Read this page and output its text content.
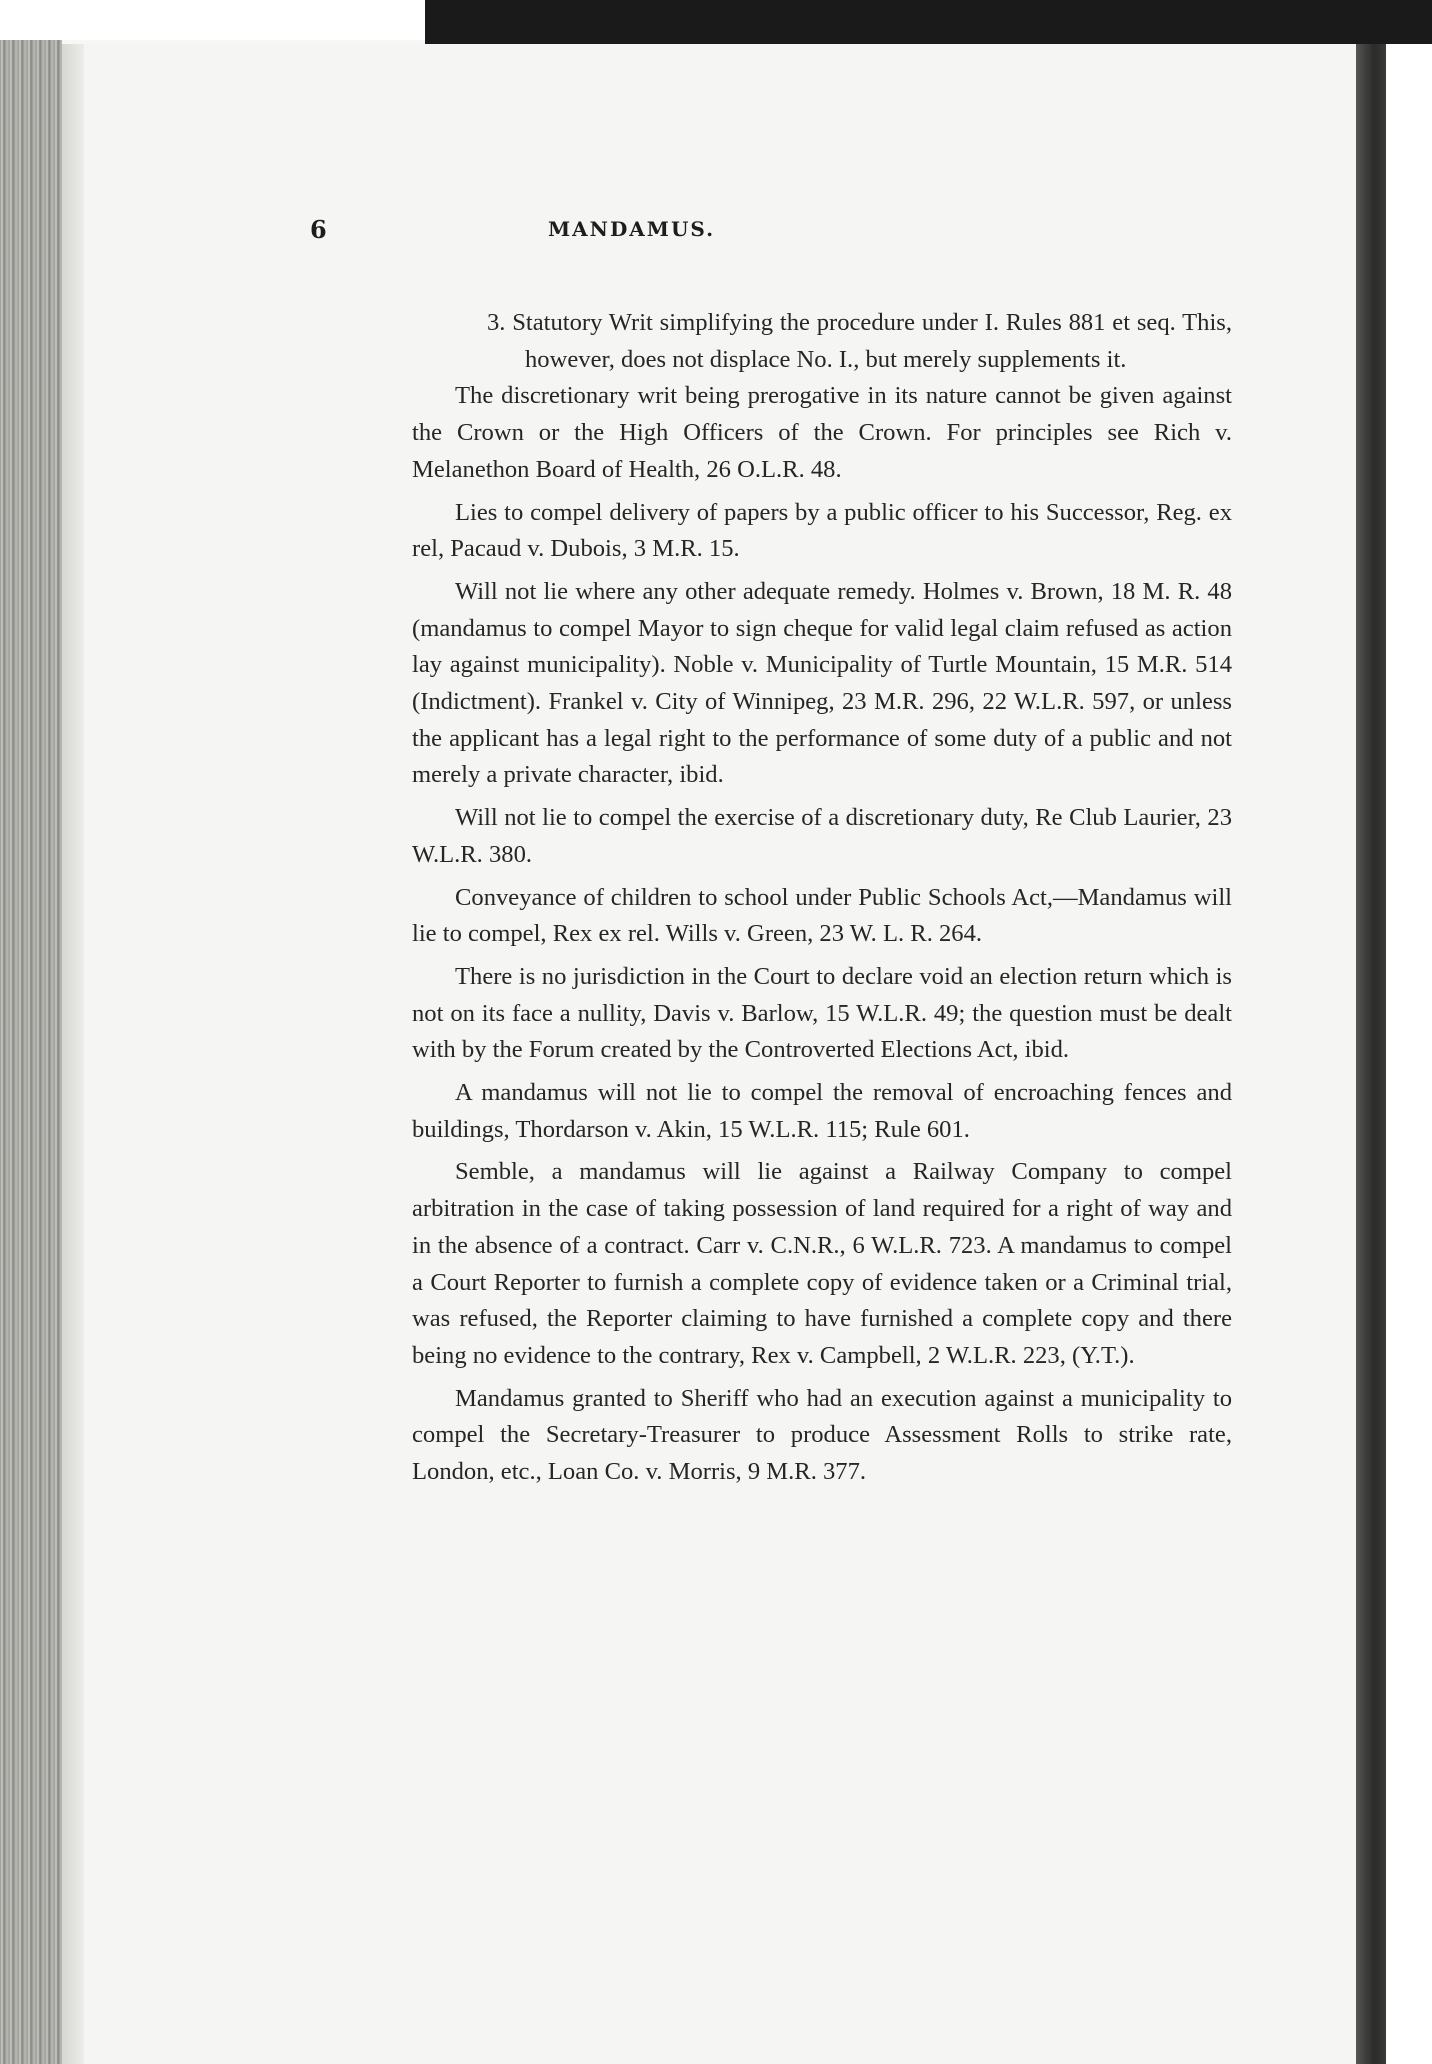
6	MANDAMUS.
3. Statutory Writ simplifying the procedure under I. Rules 881 et seq. This, however, does not displace No. I., but merely supplements it.

The discretionary writ being prerogative in its nature cannot be given against the Crown or the High Officers of the Crown. For principles see Rich v. Melanethon Board of Health, 26 O.L.R. 48.

Lies to compel delivery of papers by a public officer to his Successor, Reg. ex rel, Pacaud v. Dubois, 3 M.R. 15.

Will not lie where any other adequate remedy. Holmes v. Brown, 18 M. R. 48 (mandamus to compel Mayor to sign cheque for valid legal claim refused as action lay against municipality). Noble v. Municipality of Turtle Mountain, 15 M.R. 514 (Indictment). Frankel v. City of Winnipeg, 23 M.R. 296, 22 W.L.R. 597, or unless the applicant has a legal right to the performance of some duty of a public and not merely a private character, ibid.

Will not lie to compel the exercise of a discretionary duty, Re Club Laurier, 23 W.L.R. 380.

Conveyance of children to school under Public Schools Act,—Mandamus will lie to compel, Rex ex rel. Wills v. Green, 23 W. L. R. 264.

There is no jurisdiction in the Court to declare void an election return which is not on its face a nullity, Davis v. Barlow, 15 W.L.R. 49; the question must be dealt with by the Forum created by the Controverted Elections Act, ibid.

A mandamus will not lie to compel the removal of encroaching fences and buildings, Thordarson v. Akin, 15 W.L.R. 115; Rule 601.

Semble, a mandamus will lie against a Railway Company to compel arbitration in the case of taking possession of land required for a right of way and in the absence of a contract. Carr v. C.N.R., 6 W.L.R. 723. A mandamus to compel a Court Reporter to furnish a complete copy of evidence taken or a Criminal trial, was refused, the Reporter claiming to have furnished a complete copy and there being no evidence to the contrary, Rex v. Campbell, 2 W.L.R. 223, (Y.T.).

Mandamus granted to Sheriff who had an execution against a municipality to compel the Secretary-Treasurer to produce Assessment Rolls to strike rate, London, etc., Loan Co. v. Morris, 9 M.R. 377.
